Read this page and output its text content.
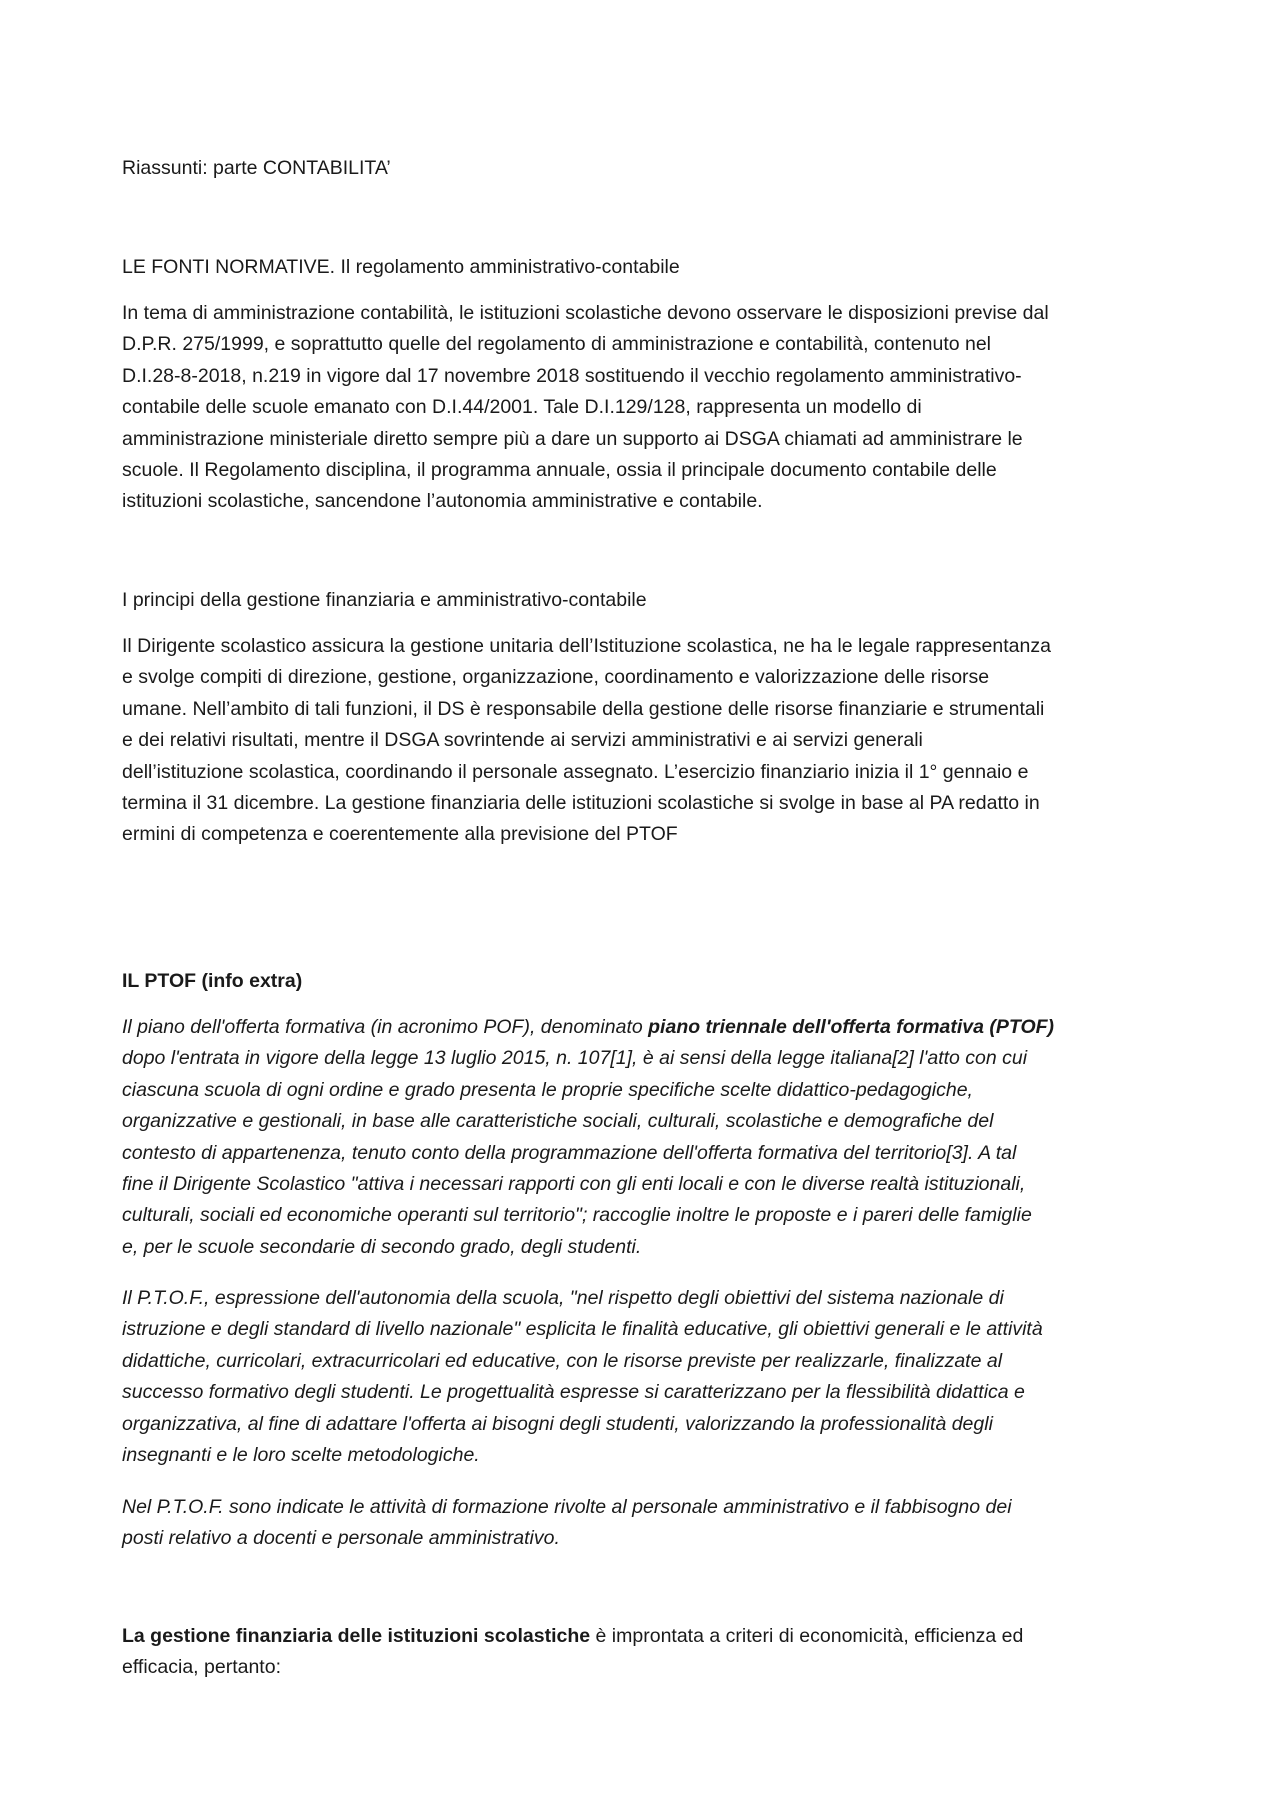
Riassunti: parte CONTABILITA’

LE FONTI NORMATIVE. Il regolamento amministrativo-contabile

In tema di amministrazione contabilità, le istituzioni scolastiche devono osservare le disposizioni previse dal
D.P.R. 275/1999, e soprattutto quelle del regolamento di amministrazione e contabilità, contenuto nel
D.I.28-8-2018, n.219 in vigore dal 17 novembre 2018 sostituendo il vecchio regolamento amministrativo-
contabile delle scuole emanato con D.I.44/2001. Tale D.I.129/128, rappresenta un modello di
amministrazione ministeriale diretto sempre più a dare un supporto ai DSGA chiamati ad amministrare le
scuole. Il Regolamento disciplina, il programma annuale, ossia il principale documento contabile delle
istituzioni scolastiche, sancendone l’autonomia amministrative e contabile.

I principi della gestione finanziaria e amministrativo-contabile

Il Dirigente scolastico assicura la gestione unitaria dell’Istituzione scolastica, ne ha le legale rappresentanza
e svolge compiti di direzione, gestione, organizzazione, coordinamento e valorizzazione delle risorse
umane. Nell’ambito di tali funzioni, il DS è responsabile della gestione delle risorse finanziarie e strumentali
e dei relativi risultati, mentre il DSGA sovrintende ai servizi amministrativi e ai servizi generali
dell’istituzione scolastica, coordinando il personale assegnato. L’esercizio finanziario inizia il 1° gennaio e
termina il 31 dicembre. La gestione finanziaria delle istituzioni scolastiche si svolge in base al PA redatto in
ermini di competenza e coerentemente alla previsione del PTOF

IL PTOF (info extra)

Il piano dell'offerta formativa (in acronimo POF), denominato piano triennale dell'offerta formativa (PTOF)
dopo l'entrata in vigore della legge 13 luglio 2015, n. 107[1], è ai sensi della legge italiana[2] l'atto con cui
ciascuna scuola di ogni ordine e grado presenta le proprie specifiche scelte didattico-pedagogiche,
organizzative e gestionali, in base alle caratteristiche sociali, culturali, scolastiche e demografiche del
contesto di appartenenza, tenuto conto della programmazione dell'offerta formativa del territorio[3]. A tal
fine il Dirigente Scolastico "attiva i necessari rapporti con gli enti locali e con le diverse realtà istituzionali,
culturali, sociali ed economiche operanti sul territorio"; raccoglie inoltre le proposte e i pareri delle famiglie
e, per le scuole secondarie di secondo grado, degli studenti.

Il P.T.O.F., espressione dell'autonomia della scuola, "nel rispetto degli obiettivi del sistema nazionale di
istruzione e degli standard di livello nazionale" esplicita le finalità educative, gli obiettivi generali e le attività
didattiche, curricolari, extracurricolari ed educative, con le risorse previste per realizzarle, finalizzate al
successo formativo degli studenti. Le progettualità espresse si caratterizzano per la flessibilità didattica e
organizzativa, al fine di adattare l'offerta ai bisogni degli studenti, valorizzando la professionalità degli
insegnanti e le loro scelte metodologiche.

Nel P.T.O.F. sono indicate le attività di formazione rivolte al personale amministrativo e il fabbisogno dei
posti relativo a docenti e personale amministrativo.

La gestione finanziaria delle istituzioni scolastiche è improntata a criteri di economicità, efficienza ed
efficacia, pertanto:
